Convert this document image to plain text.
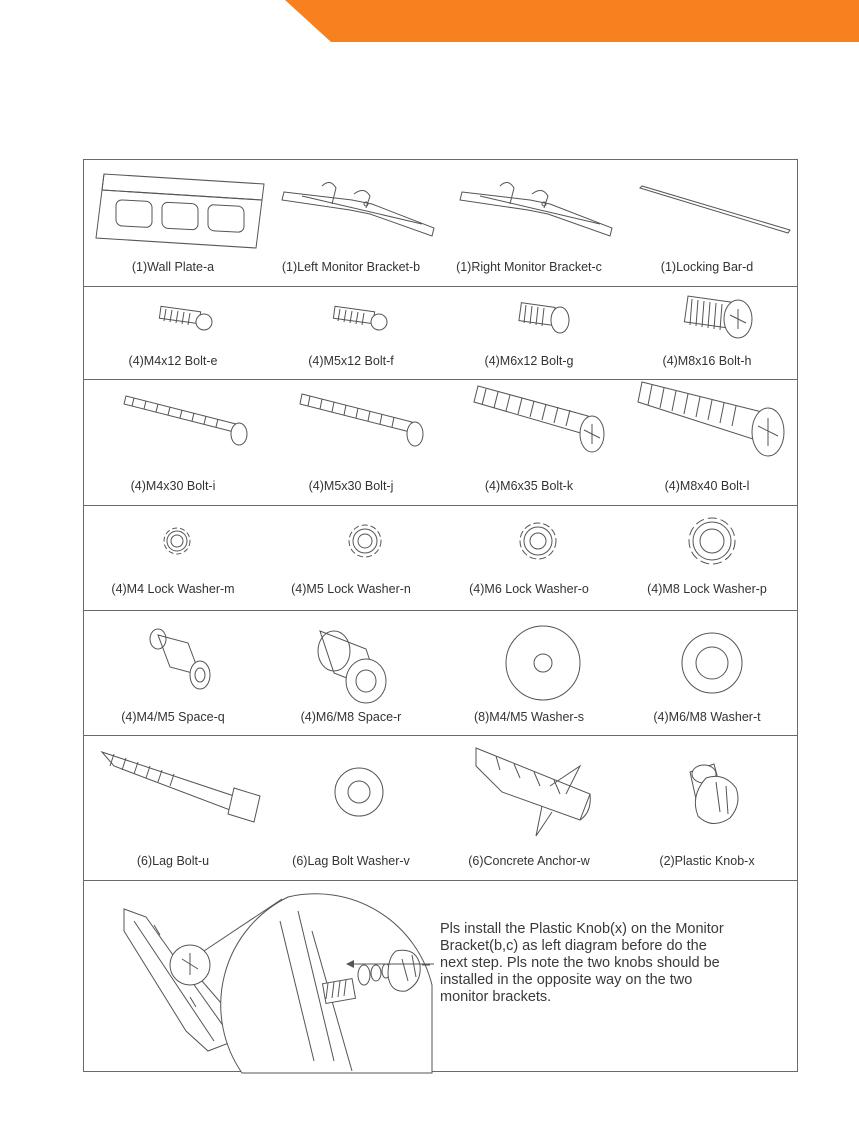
(1)Wall Plate-a	(1)Left Monitor Bracket-b	(1)Right Monitor Bracket-c	(1)Locking Bar-d
(4)M4x12 Bolt-e	(4)M5x12 Bolt-f	(4)M6x12 Bolt-g	(4)M8x16 Bolt-h
(4)M4x30 Bolt-i	(4)M5x30 Bolt-j	(4)M6x35 Bolt-k	(4)M8x40 Bolt-l
(4)M4 Lock Washer-m	(4)M5 Lock Washer-n	(4)M6 Lock Washer-o	(4)M8 Lock Washer-p
(4)M4/M5 Space-q	(4)M6/M8 Space-r	(8)M4/M5 Washer-s	(4)M6/M8 Washer-t
(6)Lag Bolt-u	(6)Lag Bolt Washer-v	(6)Concrete Anchor-w	(2)Plastic Knob-x

Pls install the Plastic Knob(x) on the Monitor

Bracket(b,c) as left diagram before do the

next step. Pls note the two knobs should be

installed in the opposite way on the two

monitor brackets.
